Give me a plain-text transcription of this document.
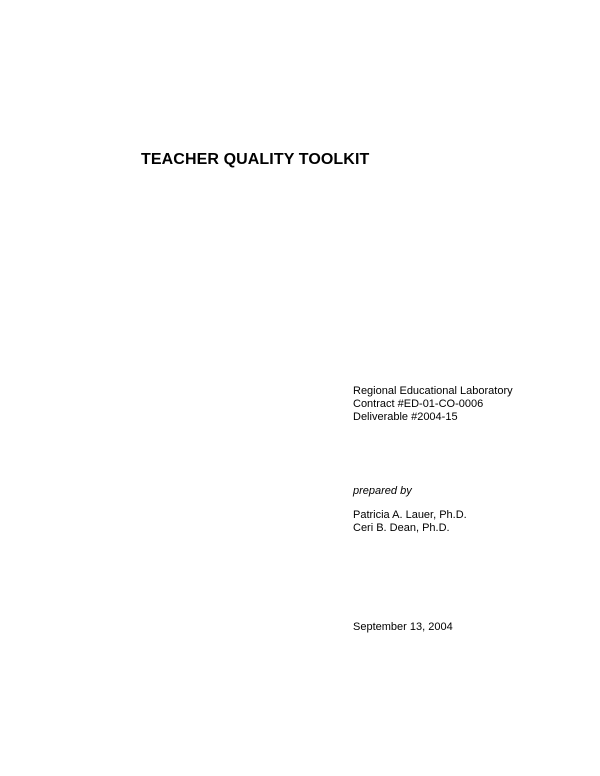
TEACHER QUALITY TOOLKIT
Regional Educational Laboratory
Contract #ED-01-CO-0006
Deliverable #2004-15
prepared by
Patricia A. Lauer, Ph.D.
Ceri B. Dean, Ph.D.
September 13, 2004
